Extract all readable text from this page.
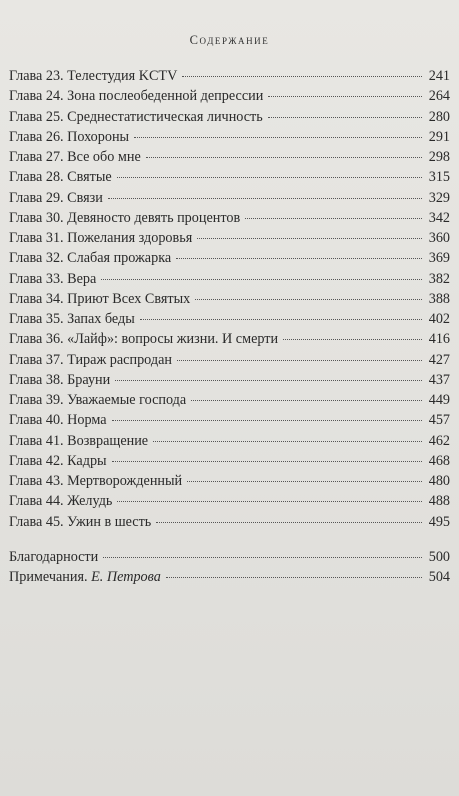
Содержание
Глава 23. Телестудия KCTV	241
Глава 24. Зона послеобеденной депрессии	264
Глава 25. Среднестатистическая личность	280
Глава 26. Похороны	291
Глава 27. Все обо мне	298
Глава 28. Святые	315
Глава 29. Связи	329
Глава 30. Девяносто девять процентов	342
Глава 31. Пожелания здоровья	360
Глава 32. Слабая прожарка	369
Глава 33. Вера	382
Глава 34. Приют Всех Святых	388
Глава 35. Запах беды	402
Глава 36. «Лайф»: вопросы жизни. И смерти	416
Глава 37. Тираж распродан	427
Глава 38. Брауни	437
Глава 39. Уважаемые господа	449
Глава 40. Норма	457
Глава 41. Возвращение	462
Глава 42. Кадры	468
Глава 43. Мертворожденный	480
Глава 44. Желудь	488
Глава 45. Ужин в шесть	495
Благодарности	500
Примечания. Е. Петрова	504
